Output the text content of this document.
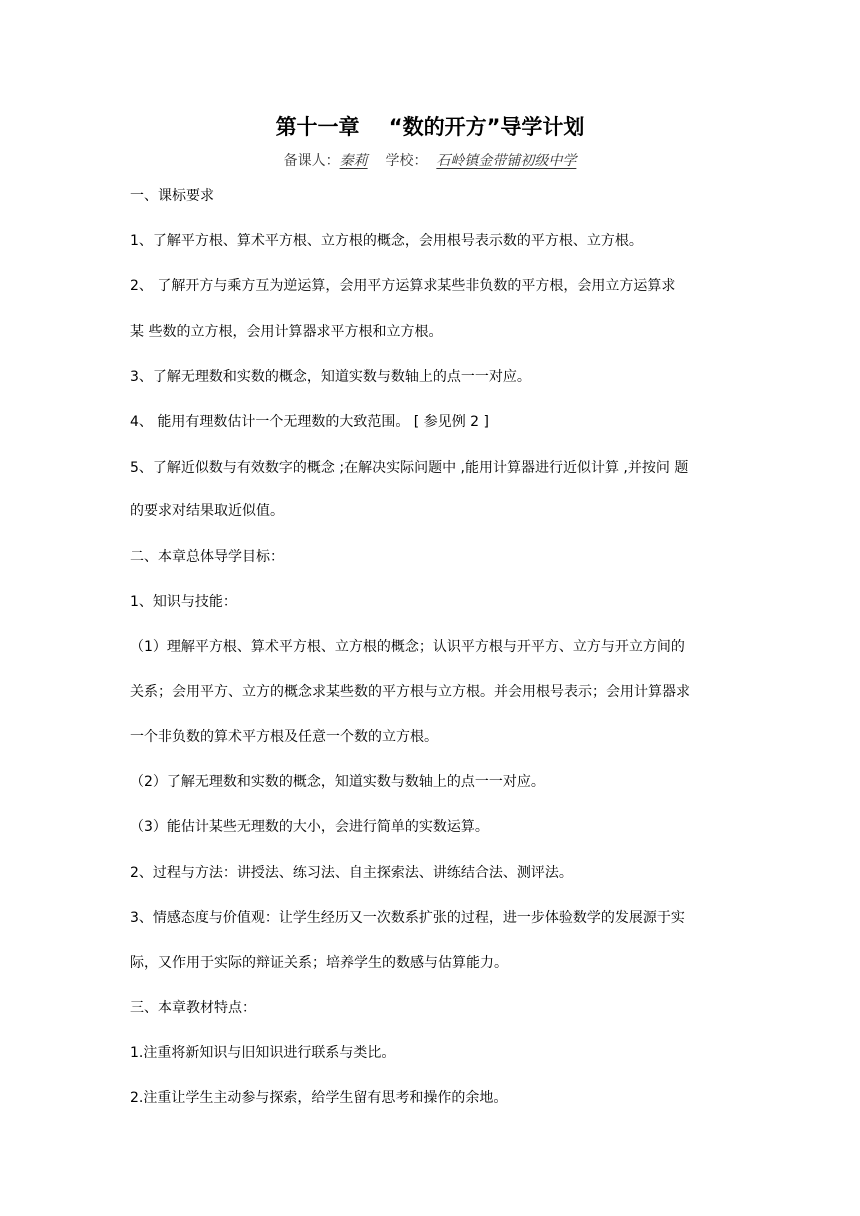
第十一章    “数的开方”导学计划
备课人：秦莉 学校： 石岭镇金带铺初级中学
一、课标要求
1、了解平方根、算术平方根、立方根的概念，会用根号表示数的平方根、立方根。
2、 了解开方与乘方互为逆运算，会用平方运算求某些非负数的平方根，会用立方运算求
某 些数的立方根，会用计算器求平方根和立方根。
3、了解无理数和实数的概念，知道实数与数轴上的点一一对应。
4、 能用有理数估计一个无理数的大致范围。 [ 参见例 2 ]
5、了解近似数与有效数字的概念 ;在解决实际问题中 ,能用计算器进行近似计算 ,并按问 题
的要求对结果取近似值。
二、本章总体导学目标：
1、知识与技能：
（1）理解平方根、算术平方根、立方根的概念；认识平方根与开平方、立方与开立方间的
关系；会用平方、立方的概念求某些数的平方根与立方根。并会用根号表示；会用计算器求
一个非负数的算术平方根及任意一个数的立方根。
（2）了解无理数和实数的概念，知道实数与数轴上的点一一对应。
（3）能估计某些无理数的大小，会进行简单的实数运算。
2、过程与方法：讲授法、练习法、自主探索法、讲练结合法、测评法。
3、情感态度与价值观：让学生经历又一次数系扩张的过程，进一步体验数学的发展源于实
际，又作用于实际的辩证关系；培养学生的数感与估算能力。
三、本章教材特点：
1.注重将新知识与旧知识进行联系与类比。
2.注重让学生主动参与探索，给学生留有思考和操作的余地。
